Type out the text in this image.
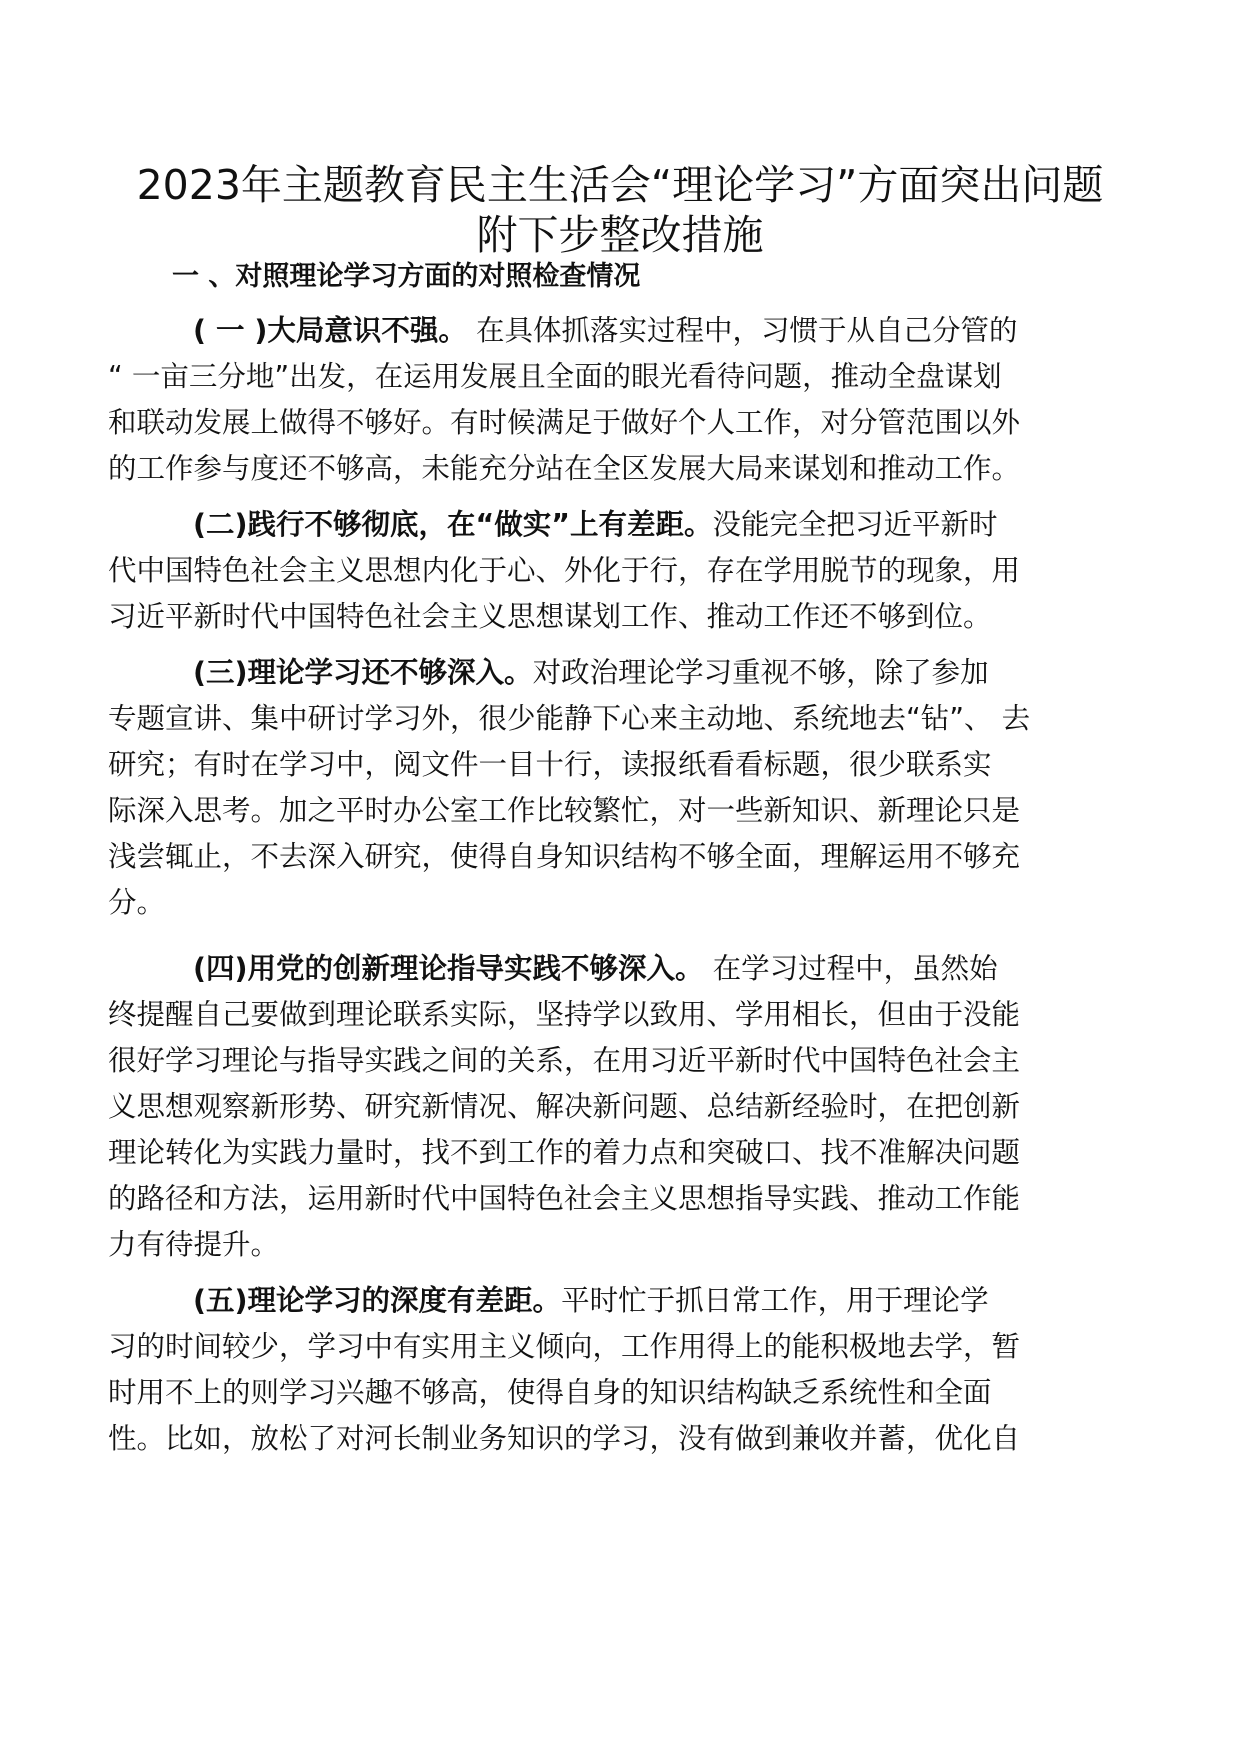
2023年主题教育民主生活会“理论学习”方面突出问题
附下步整改措施
一 、对照理论学习方面的对照检查情况
( 一 )大局意识不强。 在具体抓落实过程中，习惯于从自己分管的
“ 一亩三分地”出发，在运用发展且全面的眼光看待问题，推动全盘谋划
和联动发展上做得不够好。有时候满足于做好个人工作，对分管范围以外
的工作参与度还不够高，未能充分站在全区发展大局来谋划和推动工作。
(二)践行不够彻底，在“做实”上有差距。没能完全把习近平新时
代中国特色社会主义思想内化于心、外化于行，存在学用脱节的现象，用
习近平新时代中国特色社会主义思想谋划工作、推动工作还不够到位。
(三)理论学习还不够深入。对政治理论学习重视不够，除了参加
专题宣讲、集中研讨学习外，很少能静下心来主动地、系统地去“钻”、 去
研究；有时在学习中，阅文件一目十行，读报纸看看标题，很少联系实
际深入思考。加之平时办公室工作比较繁忙，对一些新知识、新理论只是
浅尝辄止，不去深入研究，使得自身知识结构不够全面，理解运用不够充
分。
(四)用党的创新理论指导实践不够深入。 在学习过程中，虽然始
终提醒自己要做到理论联系实际，坚持学以致用、学用相长，但由于没能
很好学习理论与指导实践之间的关系，在用习近平新时代中国特色社会主
义思想观察新形势、研究新情况、解决新问题、总结新经验时，在把创新
理论转化为实践力量时，找不到工作的着力点和突破口、找不准解决问题
的路径和方法，运用新时代中国特色社会主义思想指导实践、推动工作能
力有待提升。
(五)理论学习的深度有差距。平时忙于抓日常工作，用于理论学
习的时间较少，学习中有实用主义倾向，工作用得上的能积极地去学，暂
时用不上的则学习兴趣不够高，使得自身的知识结构缺乏系统性和全面
性。比如，放松了对河长制业务知识的学习，没有做到兼收并蓄，优化自
